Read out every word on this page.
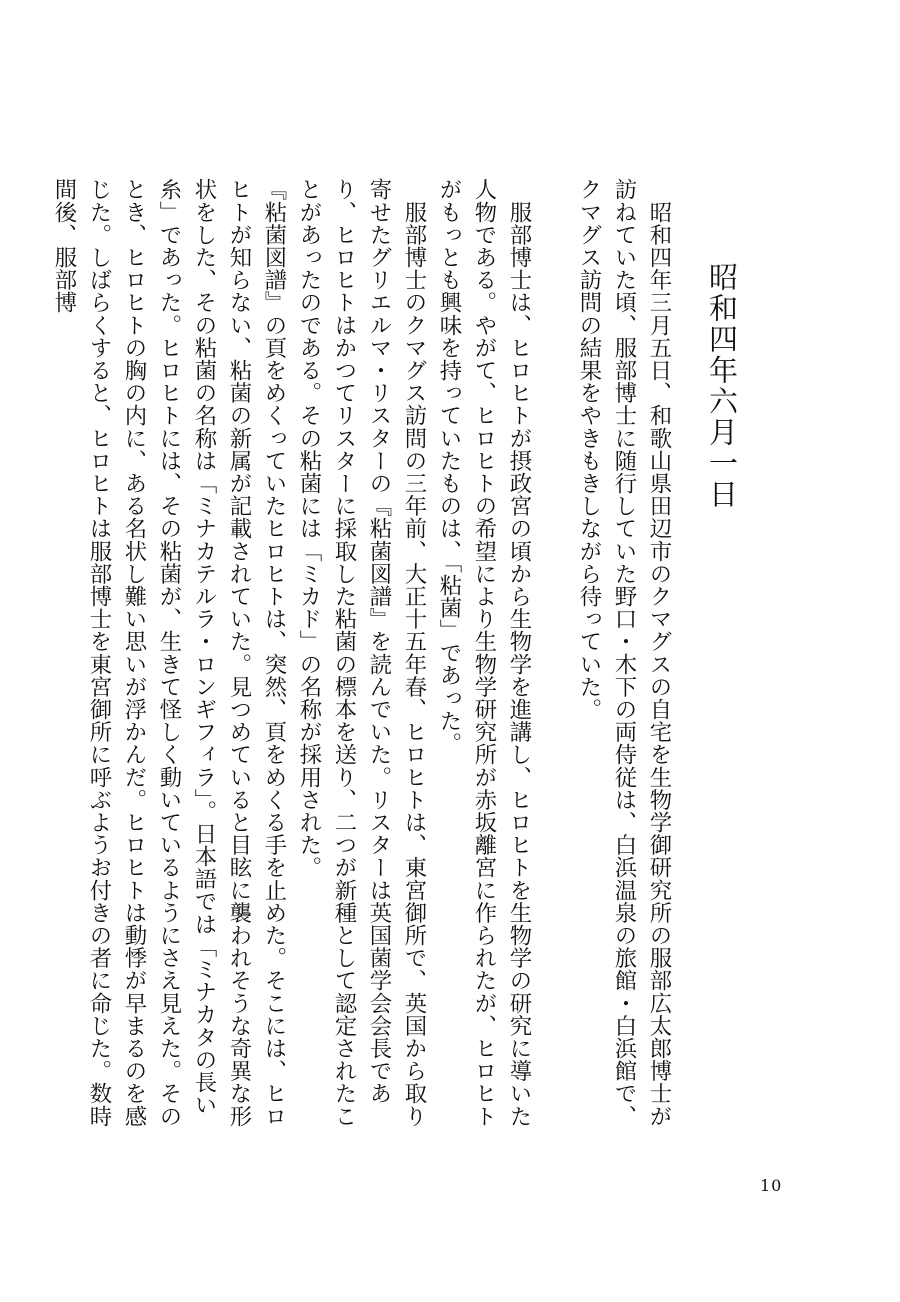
昭和四年六月一日

　昭和四年三月五日、和歌山県田辺市のクマグスの自宅を生物学御研究所の服部広太郎博士が訪ねていた頃、服部博士に随行していた野口・木下の両侍従は、白浜温泉の旅館・白浜館で、クマグス訪問の結果をやきもきしながら待っていた。

　服部博士は、ヒロヒトが摂政宮の頃から生物学を進講し、ヒロヒトを生物学の研究に導いた人物である。やがて、ヒロヒトの希望により生物学研究所が赤坂離宮に作られたが、ヒロヒトがもっとも興味を持っていたものは、「粘菌」であった。

　服部博士のクマグス訪問の三年前、大正十五年春、ヒロヒトは、東宮御所で、英国から取り寄せたグリエルマ・リスターの『粘菌図譜』を読んでいた。リスターは英国菌学会会長であり、ヒロヒトはかつてリスターに採取した粘菌の標本を送り、二つが新種として認定されたことがあったのである。その粘菌には「ミカド」の名称が採用された。

『粘菌図譜』の頁をめくっていたヒロヒトは、突然、頁をめくる手を止めた。そこには、ヒロヒトが知らない、粘菌の新属が記載されていた。見つめていると目眩に襲われそうな奇異な形状をした、その粘菌の名称は「ミナカテルラ・ロンギフィラ」。日本語では「ミナカタの長い糸」であった。ヒロヒトには、その粘菌が、生きて怪しく動いているようにさえ見えた。そのとき、ヒロヒトの胸の内に、ある名状し難い思いが浮かんだ。ヒロヒトは動悸が早まるのを感じた。しばらくすると、ヒロヒトは服部博士を東宮御所に呼ぶようお付きの者に命じた。数時間後、服部博

10
